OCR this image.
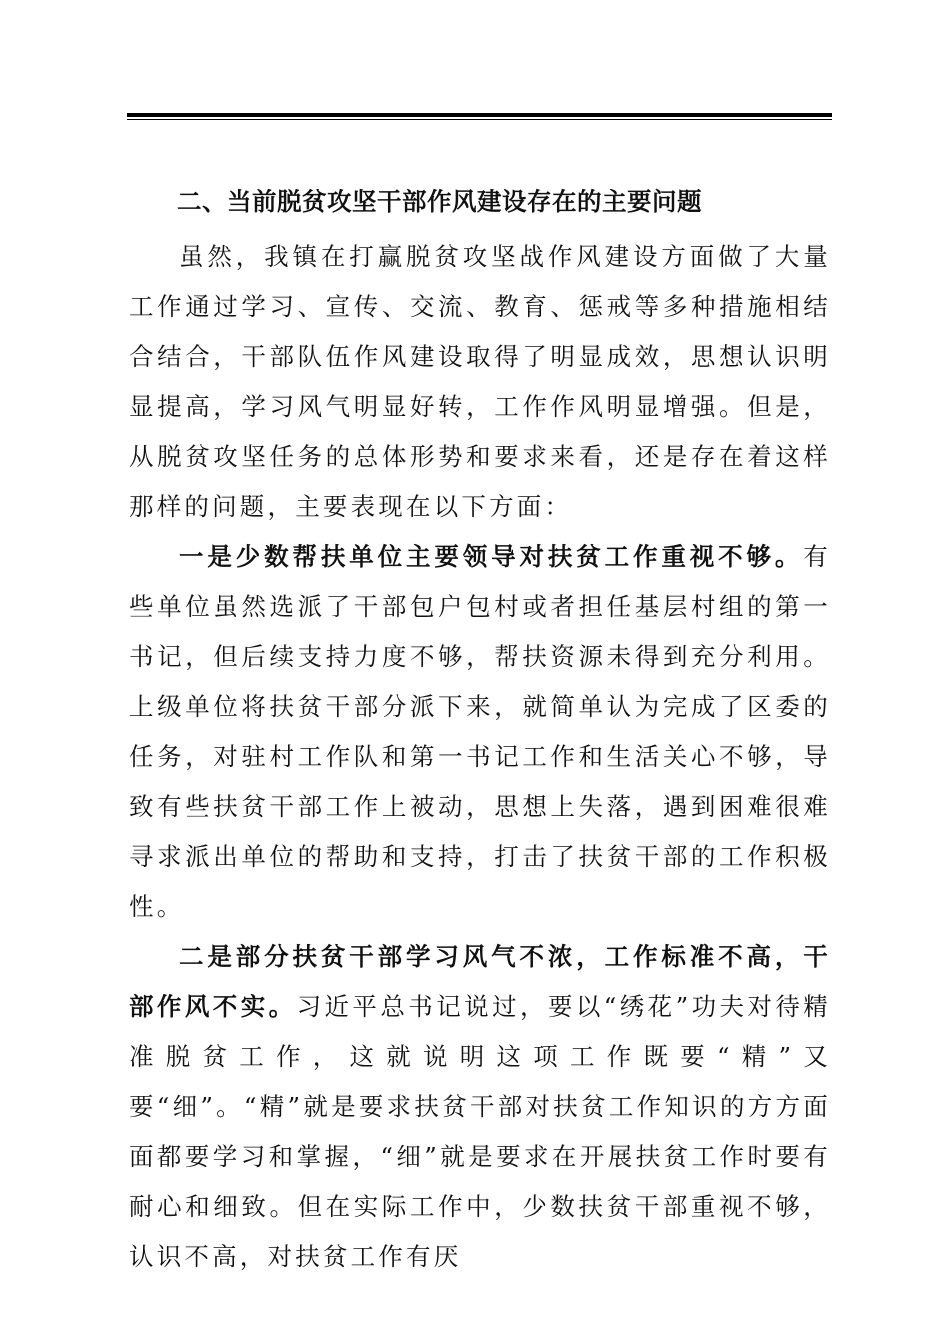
二、当前脱贫攻坚干部作风建设存在的主要问题

虽然，我镇在打赢脱贫攻坚战作风建设方面做了大量工作通过学习、宣传、交流、教育、惩戒等多种措施相结合结合，干部队伍作风建设取得了明显成效，思想认识明显提高，学习风气明显好转，工作作风明显增强。但是，从脱贫攻坚任务的总体形势和要求来看，还是存在着这样那样的问题，主要表现在以下方面：

一是少数帮扶单位主要领导对扶贫工作重视不够。有些单位虽然选派了干部包户包村或者担任基层村组的第一书记，但后续支持力度不够，帮扶资源未得到充分利用。上级单位将扶贫干部分派下来，就简单认为完成了区委的任务，对驻村工作队和第一书记工作和生活关心不够，导致有些扶贫干部工作上被动，思想上失落，遇到困难很难寻求派出单位的帮助和支持，打击了扶贫干部的工作积极性。

二是部分扶贫干部学习风气不浓，工作标准不高，干部作风不实。习近平总书记说过，要以“绣花”功夫对待精准脱贫工作，这就说明这项工作既要“精”又要“细”。“精”就是要求扶贫干部对扶贫工作知识的方方面面都要学习和掌握，“细”就是要求在开展扶贫工作时要有耐心和细致。但在实际工作中，少数扶贫干部重视不够，认识不高，对扶贫工作有厌
